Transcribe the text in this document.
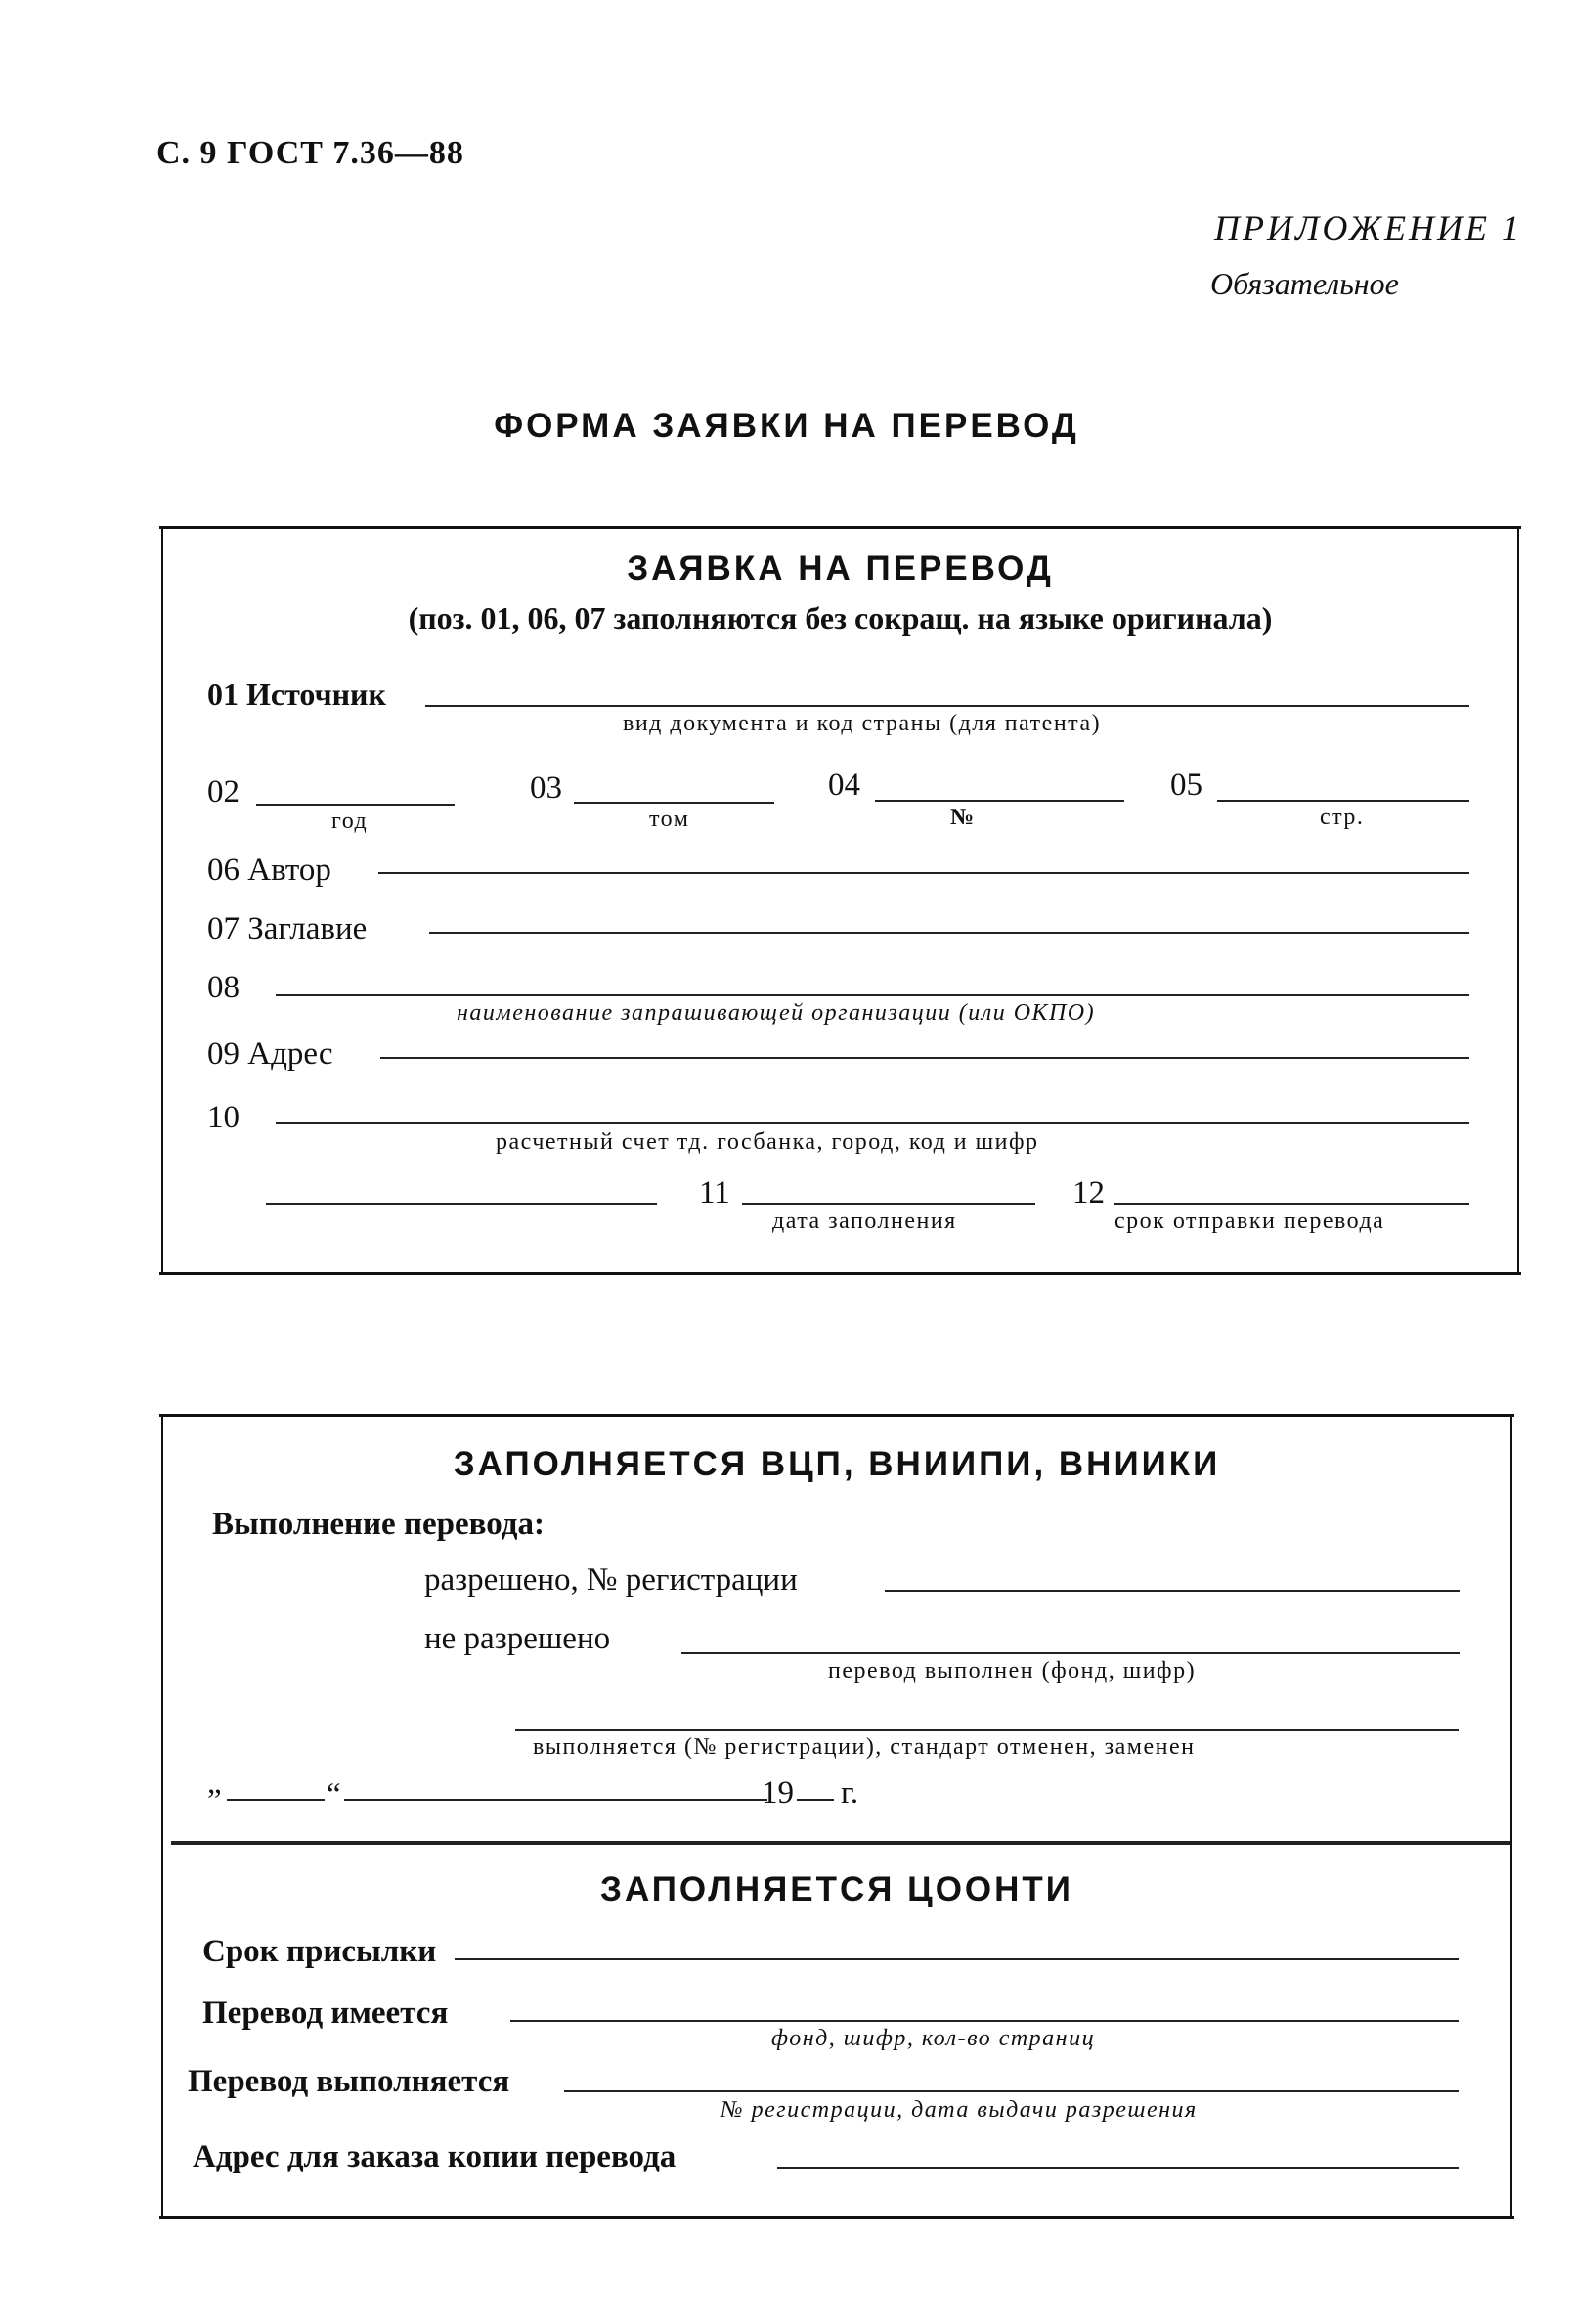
С. 9 ГОСТ 7.36—88
ПРИЛОЖЕНИЕ 1
Обязательное
ФОРМА ЗАЯВКИ НА ПЕРЕВОД
ЗАЯВКА НА ПЕРЕВОД
(поз. 01, 06, 07 заполняются без сокращ. на языке оригинала)
01 Источник
вид документа и код страны (для патента)
02
год
03
том
04
№
05
стр.
06 Автор
07 Заглавие
08
наименование запрашивающей организации (или ОКПО)
09 Адрес
10
расчетный счет тд. госбанка, город, код и шифр
11
дата заполнения
12
срок отправки перевода
ЗАПОЛНЯЕТСЯ ВЦП, ВНИИПИ, ВНИИКИ
Выполнение перевода:
разрешено, № регистрации
не разрешено
перевод выполнен (фонд, шифр)
выполняется (№ регистрации), стандарт отменен, заменен
„	“	19 г.
ЗАПОЛНЯЕТСЯ ЦООНТИ
Срок присылки
Перевод имеется
фонд, шифр, кол-во страниц
Перевод выполняется
№ регистрации, дата выдачи разрешения
Адрес для заказа копии перевода
